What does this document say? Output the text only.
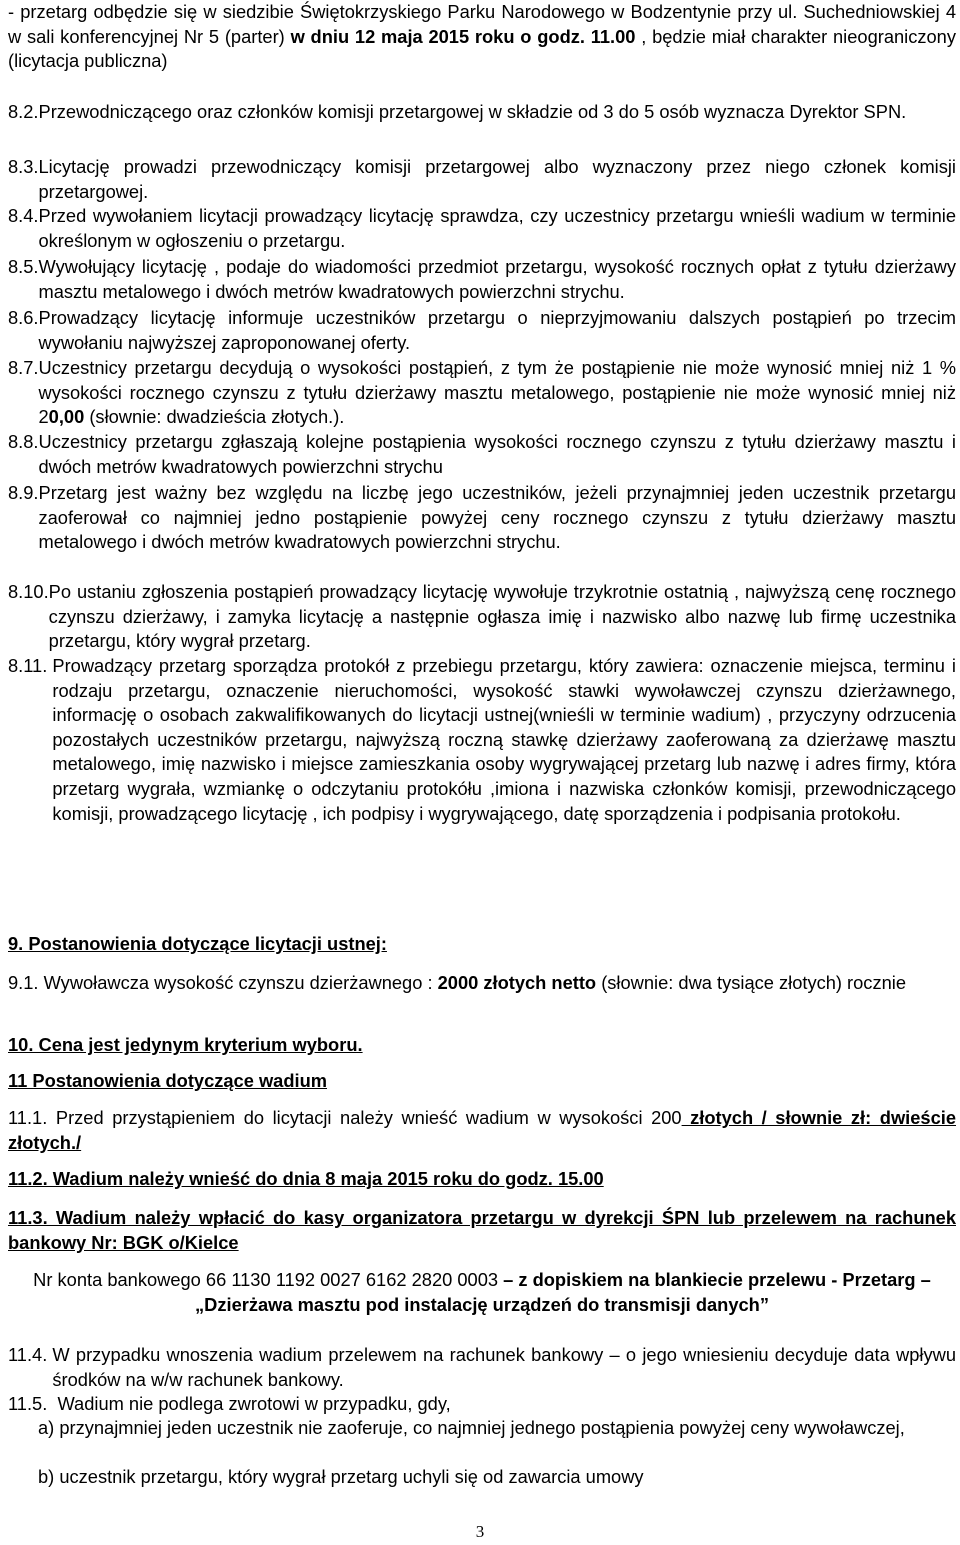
- przetarg odbędzie się w siedzibie Świętokrzyskiego Parku Narodowego w Bodzentynie przy ul. Suchedniowskiej 4 w sali konferencyjnej Nr 5 (parter) w dniu 12 maja 2015 roku o godz. 11.00 , będzie miał charakter nieograniczony (licytacja publiczna)
8.2. Przewodniczącego oraz członków komisji przetargowej w składzie od 3 do 5 osób wyznacza Dyrektor SPN.
8.3. Licytację prowadzi przewodniczący komisji przetargowej albo wyznaczony przez niego członek komisji przetargowej.
8.4. Przed wywołaniem licytacji prowadzący licytację sprawdza, czy uczestnicy przetargu wnieśli wadium w terminie określonym w ogłoszeniu o przetargu.
8.5. Wywołujący licytację , podaje do wiadomości przedmiot przetargu, wysokość rocznych opłat z tytułu dzierżawy masztu metalowego i dwóch metrów kwadratowych powierzchni strychu.
8.6. Prowadzący licytację informuje uczestników przetargu o nieprzyjmowaniu dalszych postąpień po trzecim wywołaniu najwyższej zaproponowanej oferty.
8.7. Uczestnicy przetargu decydują o wysokości postąpień, z tym że postąpienie nie może wynosić mniej niż 1 % wysokości rocznego czynszu z tytułu dzierżawy masztu metalowego, postąpienie nie może wynosić mniej niż 20,00 (słownie: dwadzieścia złotych.).
8.8. Uczestnicy przetargu zgłaszają kolejne postąpienia wysokości rocznego czynszu z tytułu dzierżawy masztu i dwóch metrów kwadratowych powierzchni strychu
8.9. Przetarg jest ważny bez względu na liczbę jego uczestników, jeżeli przynajmniej jeden uczestnik przetargu zaoferował co najmniej jedno postąpienie powyżej ceny rocznego czynszu z tytułu dzierżawy masztu metalowego i dwóch metrów kwadratowych powierzchni strychu.
8.10. Po ustaniu zgłoszenia postąpień prowadzący licytację wywołuje trzykrotnie ostatnią , najwyższą cenę rocznego czynszu dzierżawy, i zamyka licytację a następnie ogłasza imię i nazwisko albo nazwę lub firmę uczestnika przetargu, który wygrał przetarg.
8.11. Prowadzący przetarg sporządza protokół z przebiegu przetargu, który zawiera: oznaczenie miejsca, terminu i rodzaju przetargu, oznaczenie nieruchomości, wysokość stawki wywoławczej czynszu dzierżawnego, informację o osobach zakwalifikowanych do licytacji ustnej(wnieśli w terminie wadium) , przyczyny odrzucenia pozostałych uczestników przetargu, najwyższą roczną stawkę dzierżawy zaoferowaną za dzierżawę masztu metalowego, imię nazwisko i miejsce zamieszkania osoby wygrywającej przetarg lub nazwę i adres firmy, która przetarg wygrała, wzmiankę o odczytaniu protokółu ,imiona i nazwiska członków komisji, przewodniczącego komisji, prowadzącego licytację , ich podpisy i wygrywającego, datę sporządzenia i podpisania protokołu.
9. Postanowienia dotyczące licytacji ustnej:
9.1. Wywoławcza wysokość czynszu dzierżawnego : 2000 złotych netto (słownie: dwa tysiące złotych) rocznie
10. Cena jest jedynym kryterium wyboru.
11 Postanowienia dotyczące wadium
11.1. Przed przystąpieniem do licytacji należy wnieść wadium w wysokości 200 złotych / słownie zł: dwieście złotych./
11.2. Wadium należy wnieść do dnia 8 maja 2015 roku do godz. 15.00
11.3. Wadium należy wpłacić do kasy organizatora przetargu w dyrekcji ŚPN lub przelewem na rachunek bankowy Nr: BGK o/Kielce
Nr konta bankowego 66 1130 1192 0027 6162 2820 0003 – z dopiskiem na blankiecie przelewu - Przetarg – „Dzierżawa masztu pod instalację urządzeń do transmisji danych”
11.4. W przypadku wnoszenia wadium przelewem na rachunek bankowy – o jego wniesieniu decyduje data wpływu środków na w/w rachunek bankowy.
11.5. Wadium nie podlega zwrotowi w przypadku, gdy,
a) przynajmniej jeden uczestnik nie zaoferuje, co najmniej jednego postąpienia powyżej ceny wywoławczej,
b) uczestnik przetargu, który wygrał przetarg uchyli się od zawarcia umowy
3
